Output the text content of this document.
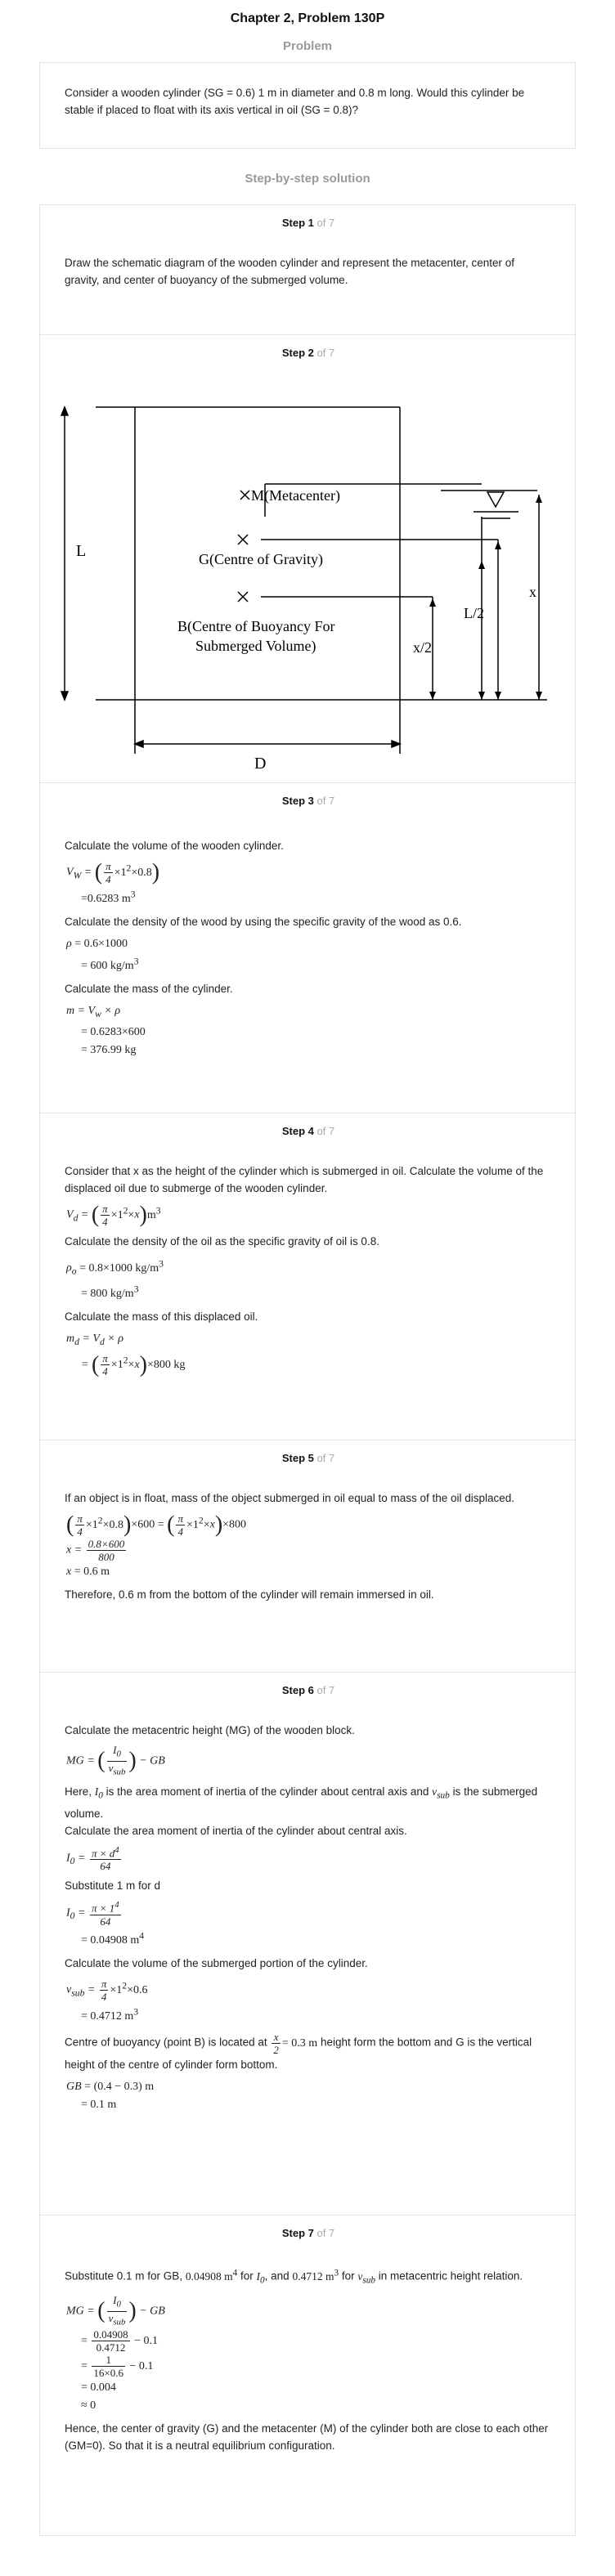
Chapter 2, Problem 130P
Problem

Consider a wooden cylinder (SG = 0.6) 1 m in diameter and 0.8 m long. Would this cylinder be stable if placed to float with its axis vertical in oil (SG = 0.8)?

Step-by-step solution
Step 1 of 7

Draw the schematic diagram of the wooden cylinder and represent the metacenter, center of gravity, and center of buoyancy of the submerged volume.

Step 2 of 7
L
D
M(Metacenter)
G(Centre of Gravity)
B(Centre of Buoyancy For
Submerged Volume)	x/2
L/2
x
Step 3 of 7

Calculate the volume of the wooden cylinder.

$V_W$ = ( $\frac{\pi}{4} \times 1^2\times 0.8$)
=0.6283 $m^3$

Calculate the density of the wood by using the specific gravity of the wood as 0.6.

ρ = 0.6×1000
= 600 $kg/m^3$

Calculate the mass of the cylinder.

$m = V_w \times \rho$
= 0.6283×600
= 376.99 kg
Step 4 of 7

Consider that x as the height of the cylinder which is submerged in oil. Calculate the volume of the displaced oil due to submerge of the wooden cylinder.

$V_d$ = ( $\frac{\pi}{4} \times 1^2\times x)m^3$

Calculate the density of the oil as the specific gravity of oil is 0.8.

$\rho_o = 0.8\times 1000$ $kg/m^3$
= 800 $kg/m^3$

Calculate the mass of this displaced oil.

$m_d = V_d \times \rho$
= ( $\frac{\pi}{4} \times 1^2\times x)\times 800$ kg
Step 5 of 7

If an object is in float, mass of the object submerged in oil equal to mass of the oil displaced.

( $\frac{\pi}{4} \times 1^2\times 0.8)\times 600$ = ( $\frac{\pi}{4} \times 1^2\times x)\times 800$
$x = \frac{0.8\times 600}{800}$

x = 0.6 m

Therefore, 0.6 m from the bottom of the cylinder will remain immersed in oil.

Step 6 of 7

Calculate the metacentric height (MG) of the wooden block.

MG = ( $\frac{I_0}{v_{sub}}$ ) − GB

Here, $I_0$ is the area moment of inertia of the cylinder about central axis and $v_{sub}$ is the submerged volume.

Calculate the area moment of inertia of the cylinder about central axis.

$I_0 = \frac{\pi \times d^4}{64}$

Substitute 1 m for d

$I_0 = \frac{\pi \times 1^4}{64}$

= 0.04908 $m^4$

Calculate the volume of the submerged portion of the cylinder.

$v_{sub} = \frac{\pi}{4} \times 1^2\times 0.6$
= 0.4712 $m^3$

Centre of buoyancy (point B) is located at $\frac{x}{2} = 0.3$ m height form the bottom and G is the vertical height of the centre of cylinder form bottom.

GB = (0.4 − 0.3) m
= 0.1 m
Step 7 of 7

Substitute 0.1 m for GB, 0.04908 $m^4$ for $I_0$, and 0.4712 $m^3$ for $v_{sub}$ in metacentric height relation.

MG = ( $\frac{I_0}{v_{sub}}$ ) − GB
= $\frac{0.04908}{0.4712} - 0.1$
= $\frac{1}{16\times 0.6} - 0.1$
= 0.004
≈ 0

Hence, the center of gravity (G) and the metacenter (M) of the cylinder both are close to each other (GM=0). So that it is a neutral equilibrium configuration.
